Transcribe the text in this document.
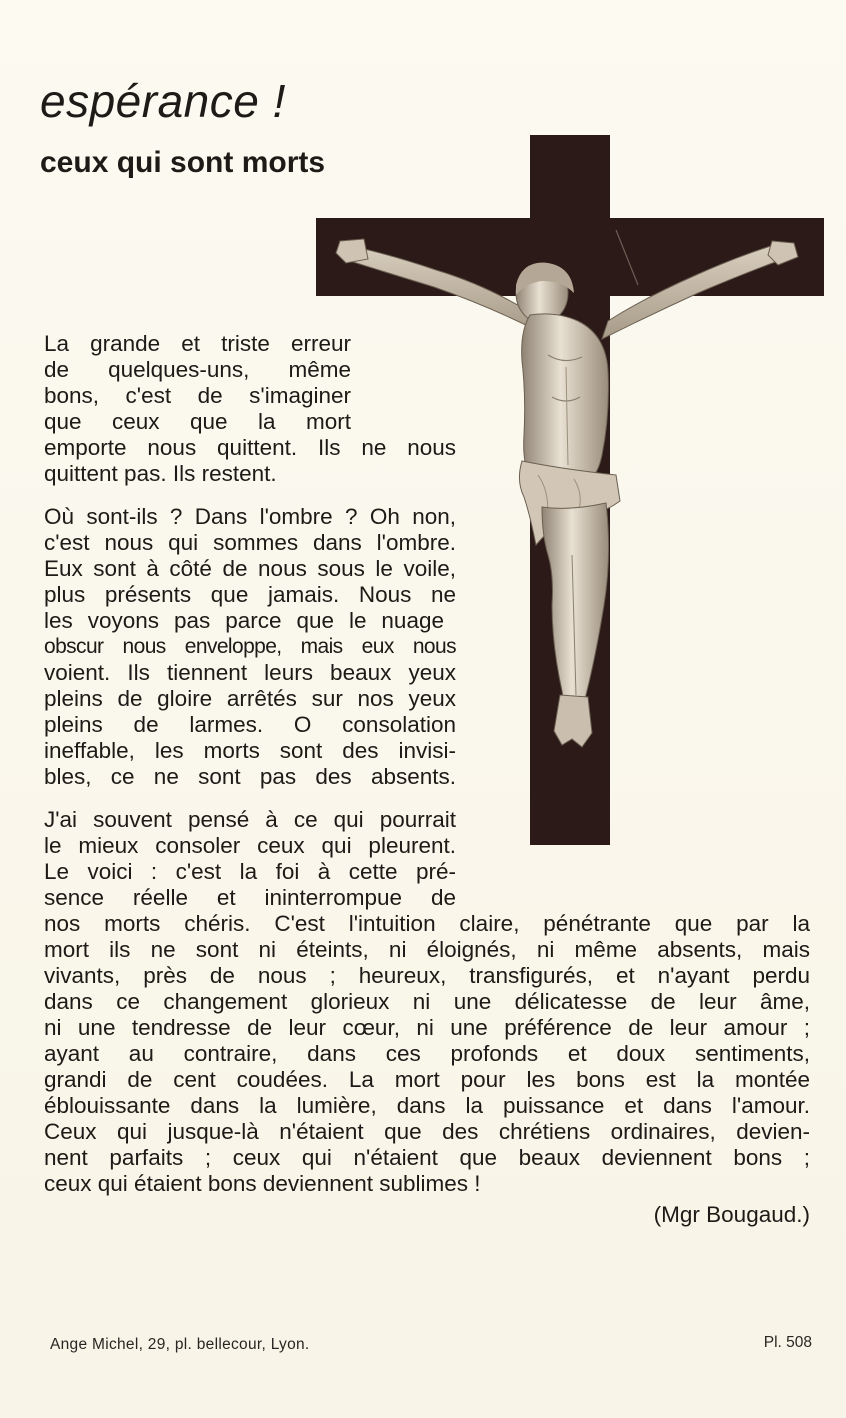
espérance !
ceux qui sont morts
La grande et triste erreur
de quelques-uns, même
bons, c'est de s'imaginer
que ceux que la mort
emporte nous quittent. Ils ne nous
quittent pas. Ils restent.
Où sont-ils ? Dans l'ombre ? Oh non,
c'est nous qui sommes dans l'ombre.
Eux sont à côté de nous sous le voile,
plus présents que jamais. Nous ne
les voyons pas parce que le nuage
obscur nous enveloppe, mais eux nous
voient. Ils tiennent leurs beaux yeux
pleins de gloire arrêtés sur nos yeux
pleins de larmes. O consolation
ineffable, les morts sont des invisi-
bles, ce ne sont pas des absents.
J'ai souvent pensé à ce qui pourrait
le mieux consoler ceux qui pleurent.
Le voici : c'est la foi à cette pré-
sence réelle et ininterrompue de
nos morts chéris. C'est l'intuition claire, pénétrante que par la
mort ils ne sont ni éteints, ni éloignés, ni même absents, mais
vivants, près de nous ; heureux, transfigurés, et n'ayant perdu
dans ce changement glorieux ni une délicatesse de leur âme,
ni une tendresse de leur cœur, ni une préférence de leur amour ;
ayant au contraire, dans ces profonds et doux sentiments,
grandi de cent coudées. La mort pour les bons est la montée
éblouissante dans la lumière, dans la puissance et dans l'amour.
Ceux qui jusque-là n'étaient que des chrétiens ordinaires, devien-
nent parfaits ; ceux qui n'étaient que beaux deviennent bons ;
ceux qui étaient bons deviennent sublimes !
(Mgr Bougaud.)
Ange Michel, 29, pl. bellecour, Lyon.	Pl. 508
